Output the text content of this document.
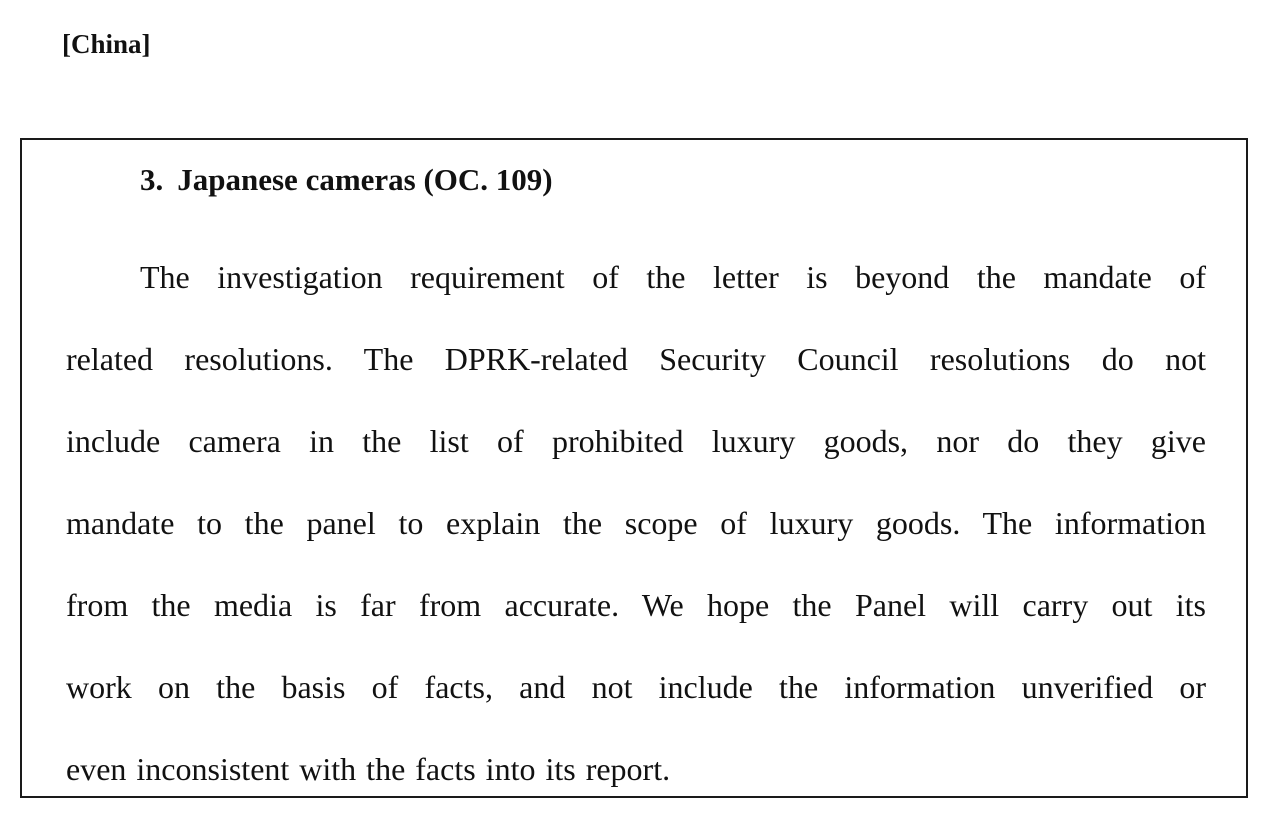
[China]

3. Japanese cameras (OC. 109)

The investigation requirement of the letter is beyond the mandate of
related resolutions. The DPRK-related Security Council resolutions do not
include camera in the list of prohibited luxury goods, nor do they give
mandate to the panel to explain the scope of luxury goods. The information
from the media is far from accurate. We hope the Panel will carry out its
work on the basis of facts, and not include the information unverified or
even inconsistent with the facts into its report.
